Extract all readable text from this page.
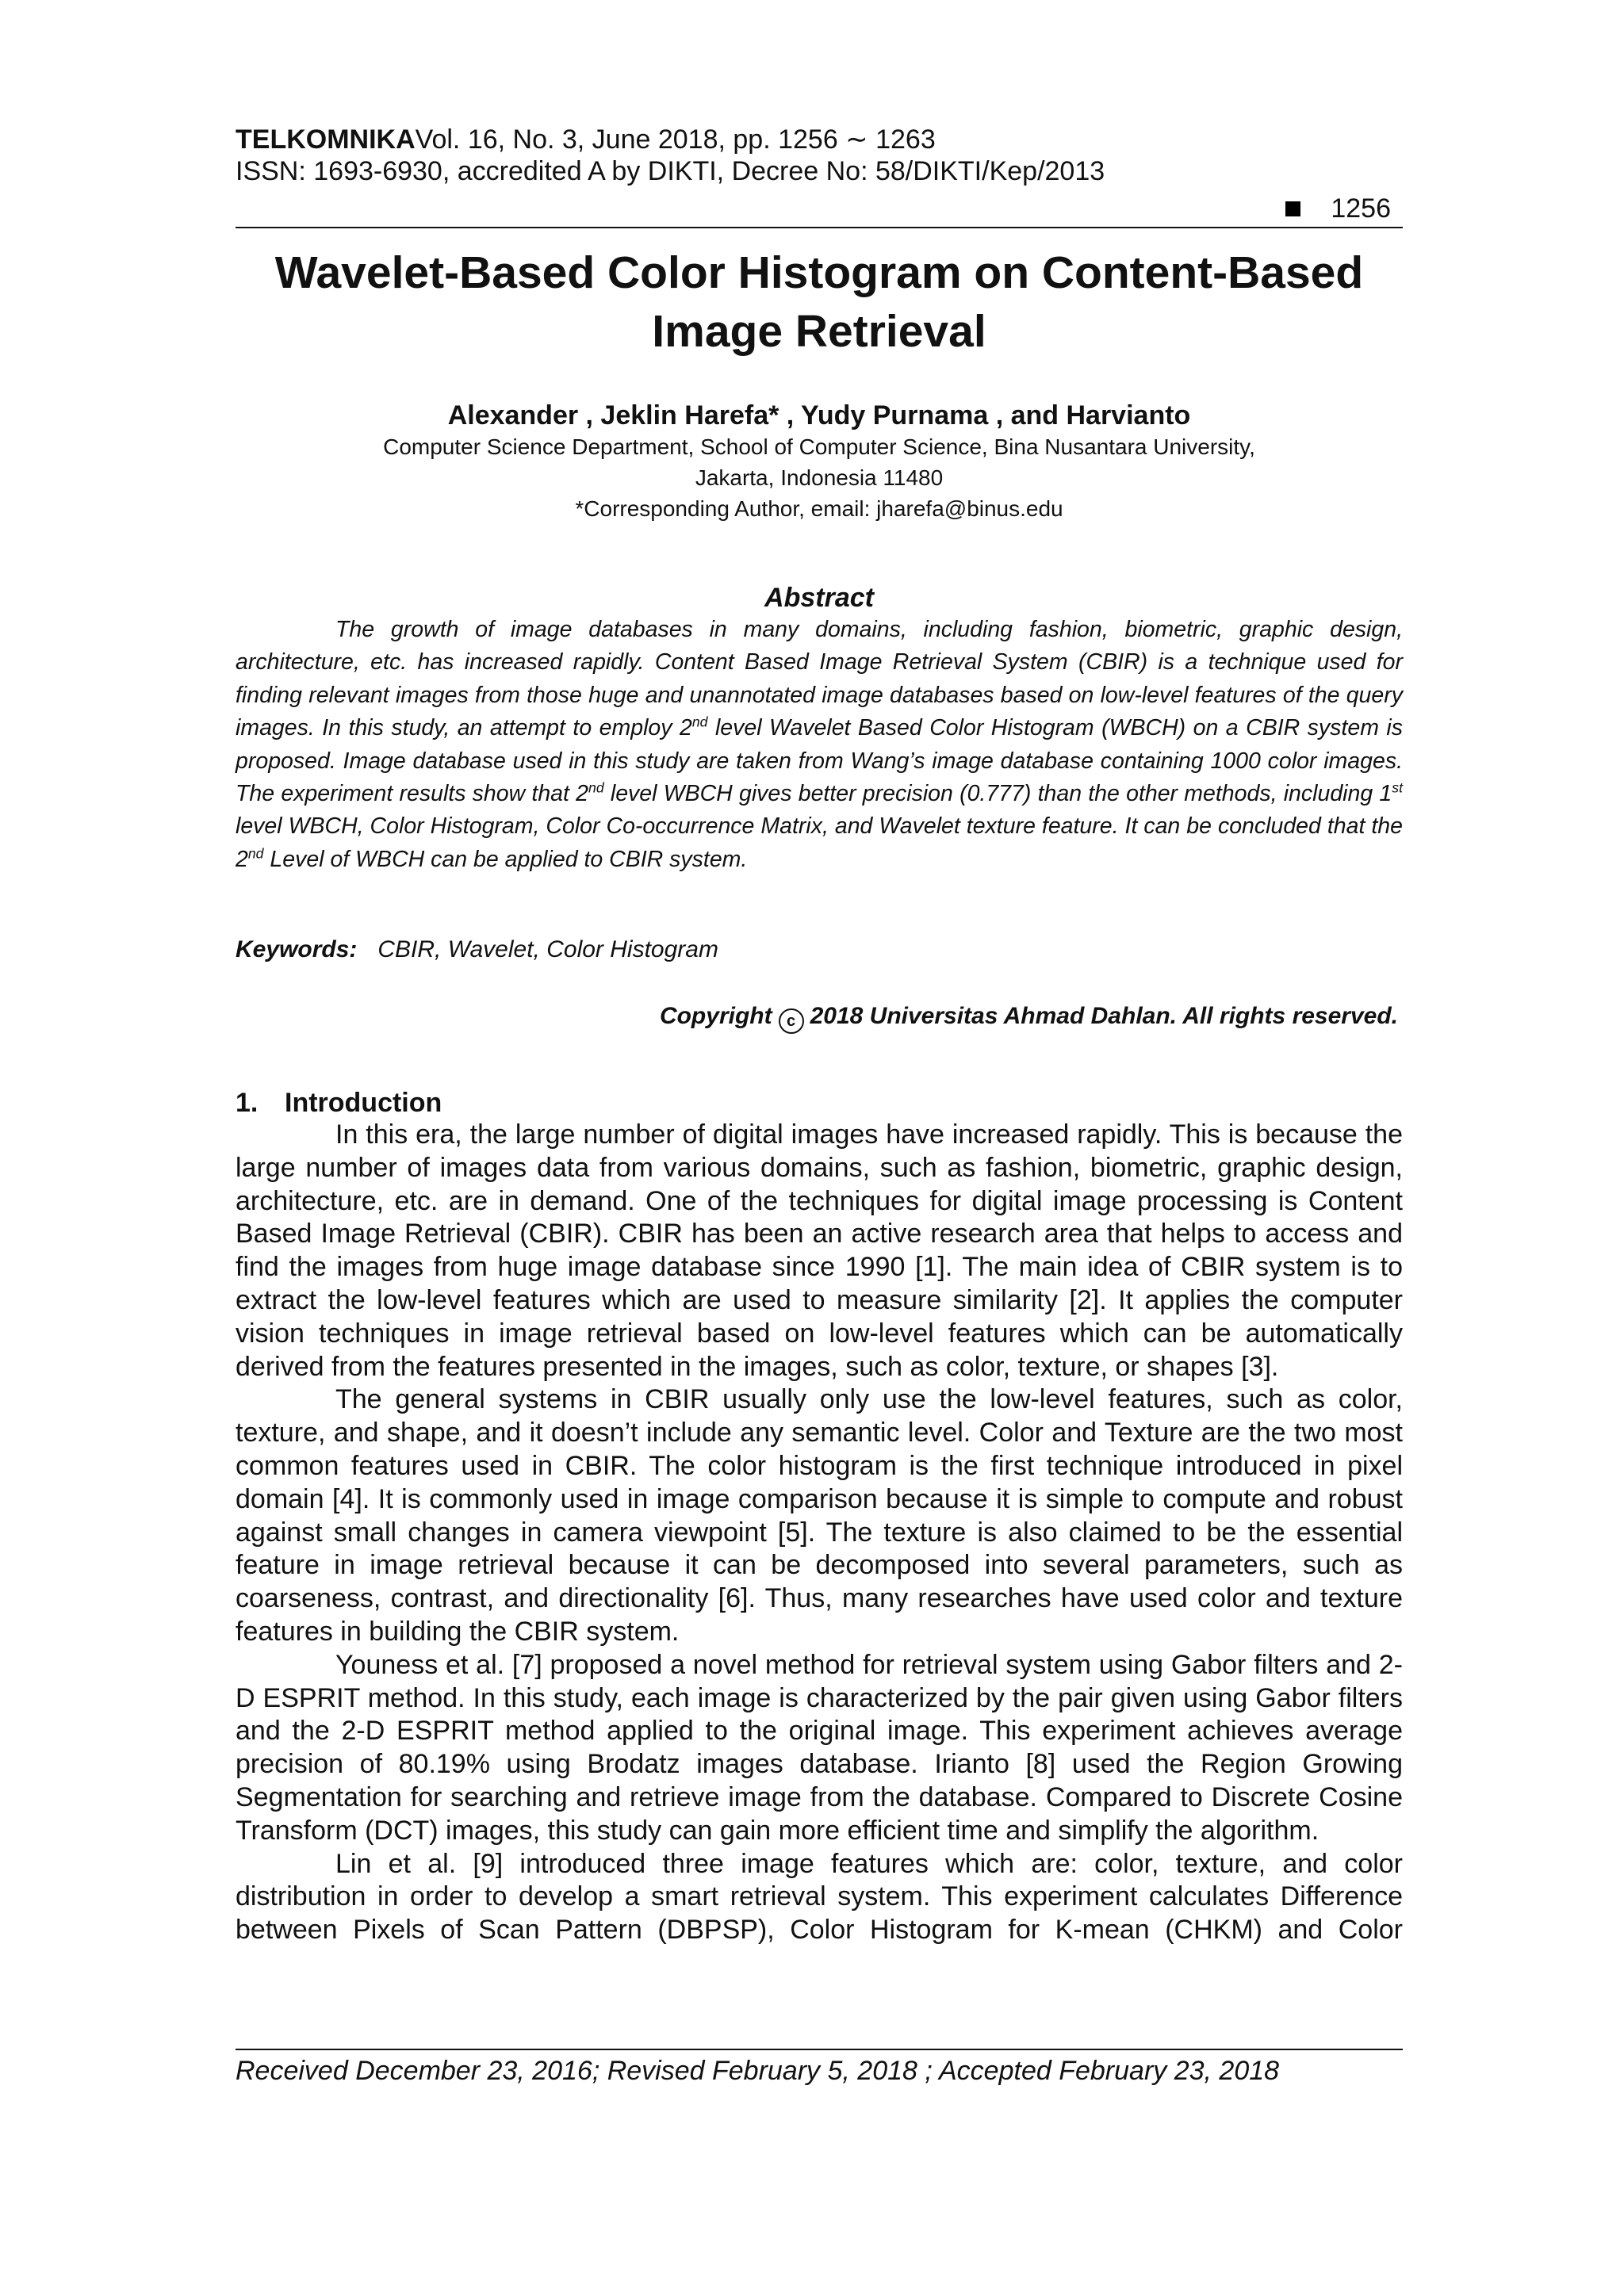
TELKOMNIKAVol. 16, No. 3, June 2018, pp. 1256 ∼ 1263
ISSN: 1693-6930, accredited A by DIKTI, Decree No: 58/DIKTI/Kep/2013
1256
Wavelet-Based Color Histogram on Content-Based Image Retrieval
Alexander , Jeklin Harefa* , Yudy Purnama , and Harvianto
Computer Science Department, School of Computer Science, Bina Nusantara University,
Jakarta, Indonesia 11480
*Corresponding Author, email: jharefa@binus.edu
Abstract

The growth of image databases in many domains, including fashion, biometric, graphic design, architecture, etc. has increased rapidly. Content Based Image Retrieval System (CBIR) is a technique used for finding relevant images from those huge and unannotated image databases based on low-level features of the query images. In this study, an attempt to employ 2nd level Wavelet Based Color Histogram (WBCH) on a CBIR system is proposed. Image database used in this study are taken from Wang’s image database containing 1000 color images. The experiment results show that 2nd level WBCH gives better precision (0.777) than the other methods, including 1st level WBCH, Color Histogram, Color Co-occurrence Matrix, and Wavelet texture feature. It can be concluded that the 2nd Level of WBCH can be applied to CBIR system.

Keywords: CBIR, Wavelet, Color Histogram
Copyright c 2018 Universitas Ahmad Dahlan. All rights reserved.
1. Introduction

In this era, the large number of digital images have increased rapidly. This is because the large number of images data from various domains, such as fashion, biometric, graphic design, architecture, etc. are in demand. One of the techniques for digital image processing is Content Based Image Retrieval (CBIR). CBIR has been an active research area that helps to access and find the images from huge image database since 1990 [1]. The main idea of CBIR system is to extract the low-level features which are used to measure similarity [2]. It applies the computer vision techniques in image retrieval based on low-level features which can be automatically derived from the features presented in the images, such as color, texture, or shapes [3].

The general systems in CBIR usually only use the low-level features, such as color, texture, and shape, and it doesn’t include any semantic level. Color and Texture are the two most common features used in CBIR. The color histogram is the first technique introduced in pixel domain [4]. It is commonly used in image comparison because it is simple to compute and robust against small changes in camera viewpoint [5]. The texture is also claimed to be the essential feature in image retrieval because it can be decomposed into several parameters, such as coarseness, contrast, and directionality [6]. Thus, many researches have used color and texture features in building the CBIR system.

Youness et al. [7] proposed a novel method for retrieval system using Gabor filters and 2-D ESPRIT method. In this study, each image is characterized by the pair given using Gabor filters and the 2-D ESPRIT method applied to the original image. This experiment achieves average precision of 80.19% using Brodatz images database. Irianto [8] used the Region Growing Segmentation for searching and retrieve image from the database. Compared to Discrete Cosine Transform (DCT) images, this study can gain more efficient time and simplify the algorithm.

Lin et al. [9] introduced three image features which are: color, texture, and color distribution in order to develop a smart retrieval system. This experiment calculates Difference between Pixels of Scan Pattern (DBPSP), Color Histogram for K-mean (CHKM) and Color

Received December 23, 2016; Revised February 5, 2018 ; Accepted February 23, 2018
